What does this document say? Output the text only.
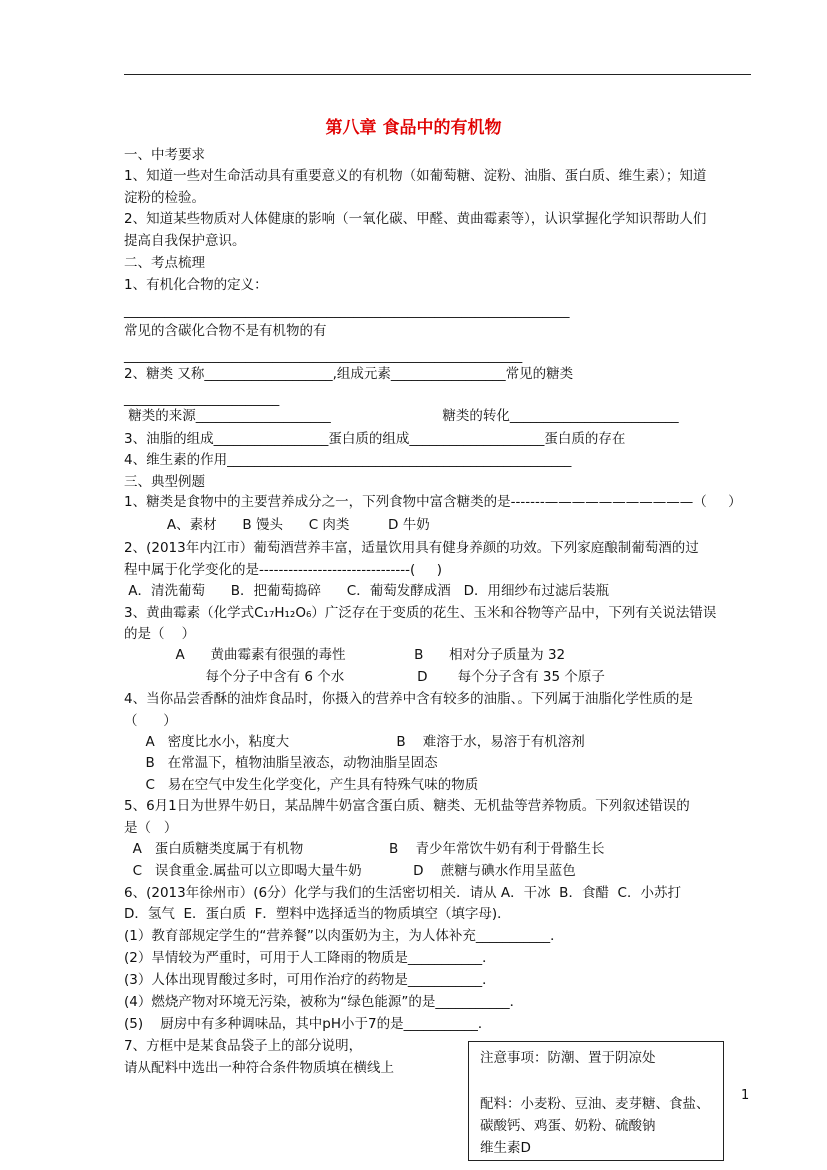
第八章 食品中的有机物
一、中考要求
1、知道一些对生命活动具有重要意义的有机物（如葡萄糖、淀粉、油脂、蛋白质、维生素）；知道
淀粉的检验。
2、知道某些物质对人体健康的影响（一氧化碳、甲醛、黄曲霉素等），认识掌握化学知识帮助人们
提高自我保护意识。
二、考点梳理
1、有机化合物的定义：
__________________________________________________________________
常见的含碳化合物不是有机物的有
___________________________________________________________
2、糖类 又称___________________,组成元素_________________常见的糖类
_______________________
糖类的来源____________________                          糖类的转化_________________________
3、油脂的组成_________________蛋白质的组成____________________蛋白质的存在
4、维生素的作用___________________________________________________
三、典型例题
1、糖类是食物中的主要营养成分之一，下列食物中富含糖类的是-------———————————（     ）
A、素材      B 馒头      C 肉类         D 牛奶
2、(2013年内江市）葡萄酒营养丰富，适量饮用具有健身养颜的功效。下列家庭酿制葡萄酒的过
程中属于化学变化的是-------------------------------(     )
A．清洗葡萄      B．把葡萄捣碎      C．葡萄发酵成酒   D．用细纱布过滤后装瓶
3、黄曲霉素（化学式C₁₇H₁₂O₆）广泛存在于变质的花生、玉米和谷物等产品中，下列有关说法错误
的是（    ）
A      黄曲霉素有很强的毒性                B      相对分子质量为 32
每个分子中含有 6 个水                 D       每个分子含有 35 个原子
4、当你品尝香酥的油炸食品时，你摄入的营养中含有较多的油脂、。下列属于油脂化学性质的是
（      ）
A   密度比水小，粘度大                         B    难溶于水，易溶于有机溶剂
B   在常温下，植物油脂呈液态，动物油脂呈固态
C   易在空气中发生化学变化，产生具有特殊气味的物质
5、6月1日为世界牛奶日，某品牌牛奶富含蛋白质、糖类、无机盐等营养物质。下列叙述错误的
是（   ）
A   蛋白质糖类度属于有机物                    B    青少年常饮牛奶有利于骨骼生长
C   误食重金.属盐可以立即喝大量牛奶            D    蔗糖与碘水作用呈蓝色
6、(2013年徐州市）(6分）化学与我们的生活密切相关．请从 A．干冰  B．食醋  C．小苏打
D．氢气  E．蛋白质  F．塑料中选择适当的物质填空（填字母)．
(1）教育部规定学生的“营养餐”以肉蛋奶为主，为人体补充___________．
(2）旱情较为严重时，可用于人工降雨的物质是___________．
(3）人体出现胃酸过多时，可用作治疗的药物是___________．
(4）燃烧产物对环境无污染，被称为“绿色能源”的是___________．
(5)    厨房中有多种调味品，其中pH小于7的是___________．
7、方框中是某食品袋子上的部分说明，
请从配料中选出一种符合条件物质填在横线上
注意事项：防潮、置于阴凉处
配料：小麦粉、豆油、麦芽糖、食盐、
碳酸钙、鸡蛋、奶粉、硫酸钠
维生素D
1
